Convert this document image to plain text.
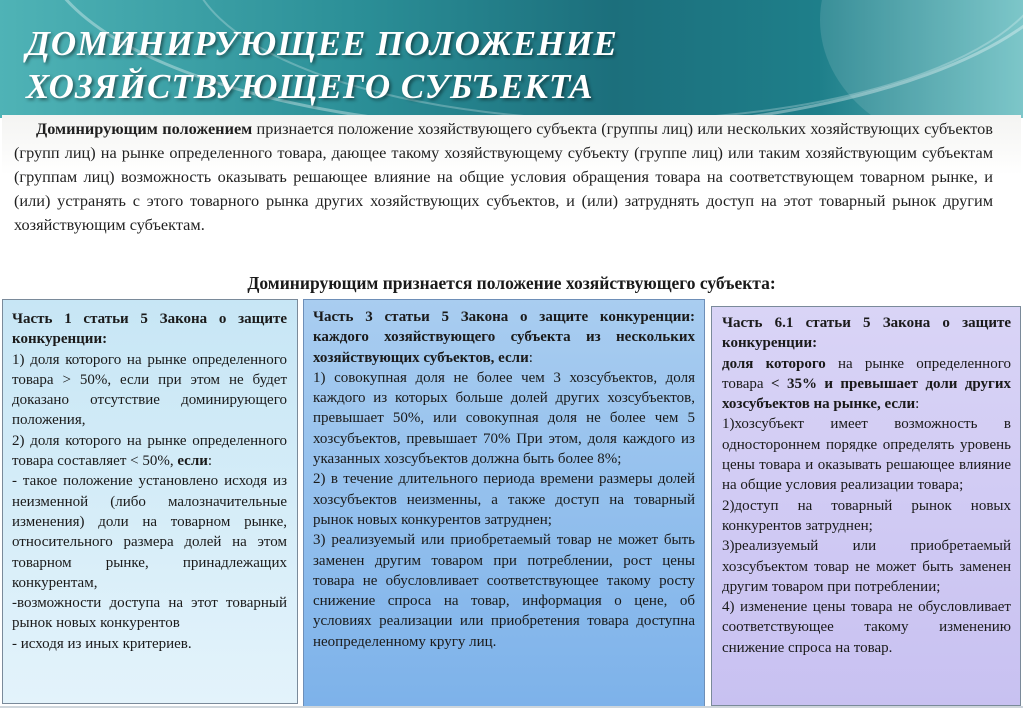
ДОМИНИРУЮЩЕЕ ПОЛОЖЕНИЕ
ХОЗЯЙСТВУЮЩЕГО СУБЪЕКТА

Доминирующим положением признается положение хозяйствующего субъекта (группы лиц) или нескольких хозяйствующих субъектов (групп лиц) на рынке определенного товара, дающее такому хозяйствующему субъекту (группе лиц) или таким хозяйствующим субъектам (группам лиц) возможность оказывать решающее влияние на общие условия обращения товара на соответствующем товарном рынке, и (или) устранять с этого товарного рынка других хозяйствующих субъектов, и (или) затруднять доступ на этот товарный рынок другим хозяйствующим субъектам.

Доминирующим признается положение хозяйствующего субъекта:

Часть 1 статьи 5 Закона о защите конкуренции:

1) доля которого на рынке определенного товара > 50%, если при этом не будет доказано отсутствие доминирующего положения,

2) доля которого на рынке определенного товара составляет < 50%, если:

- такое положение установлено исходя из неизменной (либо малозначительные изменения) доли на товарном рынке, относительного размера долей на этом товарном рынке, принадлежащих конкурентам,

-возможности доступа на этот товарный рынок новых конкурентов

- исходя из иных критериев.

Часть 3 статьи 5 Закона о защите конкуренции: каждого хозяйствующего субъекта из нескольких хозяйствующих субъектов, если:

1) совокупная доля не более чем 3 хозсубъектов, доля каждого из которых больше долей других хозсубъектов, превышает 50%, или совокупная доля не более чем 5 хозсубъектов, превышает 70% При этом, доля каждого из указанных хозсубъектов должна быть более 8%;

2) в течение длительного периода времени размеры долей хозсубъектов неизменны, а также доступ на товарный рынок новых конкурентов затруднен;

3) реализуемый или приобретаемый товар не может быть заменен другим товаром при потреблении, рост цены товара не обусловливает соответствующее такому росту снижение спроса на товар, информация о цене, об условиях реализации или приобретения товара доступна неопределенному кругу лиц.

Часть 6.1 статьи 5 Закона о защите конкуренции:

доля которого на рынке определенного товара < 35% и превышает доли других хозсубъектов на рынке, если:

1)хозсубъект имеет возможность в одностороннем порядке определять уровень цены товара и оказывать решающее влияние на общие условия реализации товара;

2)доступ на товарный рынок новых конкурентов затруднен;

3)реализуемый или приобретаемый хозсубъектом товар не может быть заменен другим товаром при потреблении;

4) изменение цены товара не обусловливает соответствующее такому изменению снижение спроса на товар.
